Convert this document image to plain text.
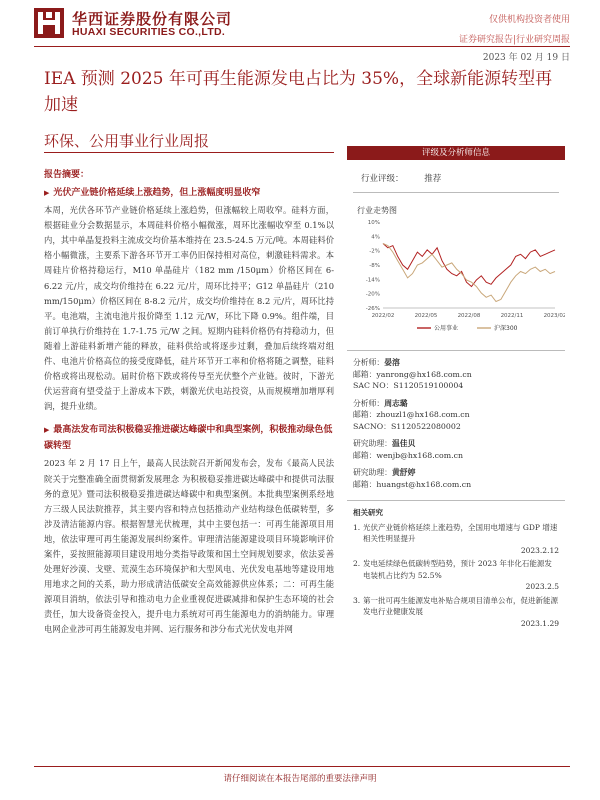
华西证券股份有限公司
HUAXI SECURITIES CO.,LTD.
仅供机构投资者使用
证券研究报告|行业研究周报
2023 年 02 月 19 日
IEA 预测 2025 年可再生能源发电占比为 35%，全球新能源转型再加速
环保、公用事业行业周报
报告摘要：
▶ 光伏产业链价格延续上涨趋势，但上涨幅度明显收窄

本周，光伏各环节产业链价格延续上涨趋势，但涨幅较上周收窄。硅料方面，根据硅业分会数据显示，本周硅料价格小幅微涨，周环比涨幅收窄至 0.1%以内，其中单晶复投料主流成交均价基本维持在 23.5-24.5 万元/吨。本周硅料价格小幅微涨，主要系下游各环节开工率仍旧保持相对高位，刺激硅料需求。本周硅片价格持稳运行，M10 单晶硅片（182 mm /150μm）价格区间在 6-6.22 元/片，成交均价维持在 6.22 元/片，周环比持平；G12 单晶硅片（210 mm/150μm）价格区间在 8-8.2 元/片，成交均价维持在 8.2 元/片，周环比持平。电池端，主流电池片报价降至 1.12 元/W，环比下降 0.9%。组件端，目前订单执行价维持在 1.7-1.75 元/W 之间。短期内硅料价格仍有持稳动力，但随着上游硅料新增产能的释放，硅料供给或将逐步过剩，叠加后续终端对组件、电池片价格高位的接受度降低，硅片环节开工率和价格将随之调整，硅料价格或将出现松动。届时价格下跌或将传导至光伏整个产业链。彼时，下游光伏运营商有望受益于上游成本下跌，刺激光伏电站投资，从而规模增加增厚利润，提升业绩。

▶ 最高法发布司法积极稳妥推进碳达峰碳中和典型案例，积极推动绿色低碳转型

2023 年 2 月 17 日上午，最高人民法院召开新闻发布会，发布《最高人民法院关于完整准确全面贯彻新发展理念 为积极稳妥推进碳达峰碳中和提供司法服务的意见》暨司法积极稳妥推进碳达峰碳中和典型案例。本批典型案例系经地方三级人民法院推荐，其主要内容和特点包括推动产业结构绿色低碳转型，多涉及清洁能源内容。根据智慧光伏梳理，其中主要包括一：可再生能源项目用地，依法审理可再生能源发展纠纷案件。审理清洁能源建设项目环境影响评价案件，妥按照能源项目建设用地分类指导政策和国土空间规划要求，依法妥善处理好沙漠、戈壁、荒漠生态环境保护和大型风电、光伏发电基地等建设用地用地求之间的关系，助力形成清洁低碳安全高效能源供应体系；二：可再生能源项目消纳，依法引导和推动电力企业重视促进碳减排和保护生态环境的社会责任，加大设备资金投入，提升电力系统对可再生能源电力的消纳能力。审理电网企业涉可再生能源发电并网、运行服务和涉分布式光伏发电并网

评级及分析师信息
行业评级： 推荐
行业走势图
10%
4%
-2%
-8%
-14%
-20%
-26%
2022/02	2022/05	2022/08	2022/11	2023/02
公用事业	沪深300
分析师：晏溶
邮箱：yanrong@hx168.com.cn
SAC NO：S1120519100004
分析师：周志璐
邮箱：zhouzl1@hx168.com.cn
SACNO：S1120522080002
研究助理：温佳贝
邮箱：wenjb@hx168.com.cn
研究助理：黄舒婷
邮箱：huangst@hx168.com.cn
相关研究
1. 光伏产业链价格延续上涨趋势，全国用电增速与 GDP 增速相关性明显提升
2023.2.12
2. 发电延续绿色低碳转型趋势，预计 2023 年非化石能源发电装机占比约为 52.5%
2023.2.5
3. 第一批可再生能源发电补贴合规项目清单公布，促进新能源发电行业健康发展
2023.1.29
请仔细阅读在本报告尾部的重要法律声明
